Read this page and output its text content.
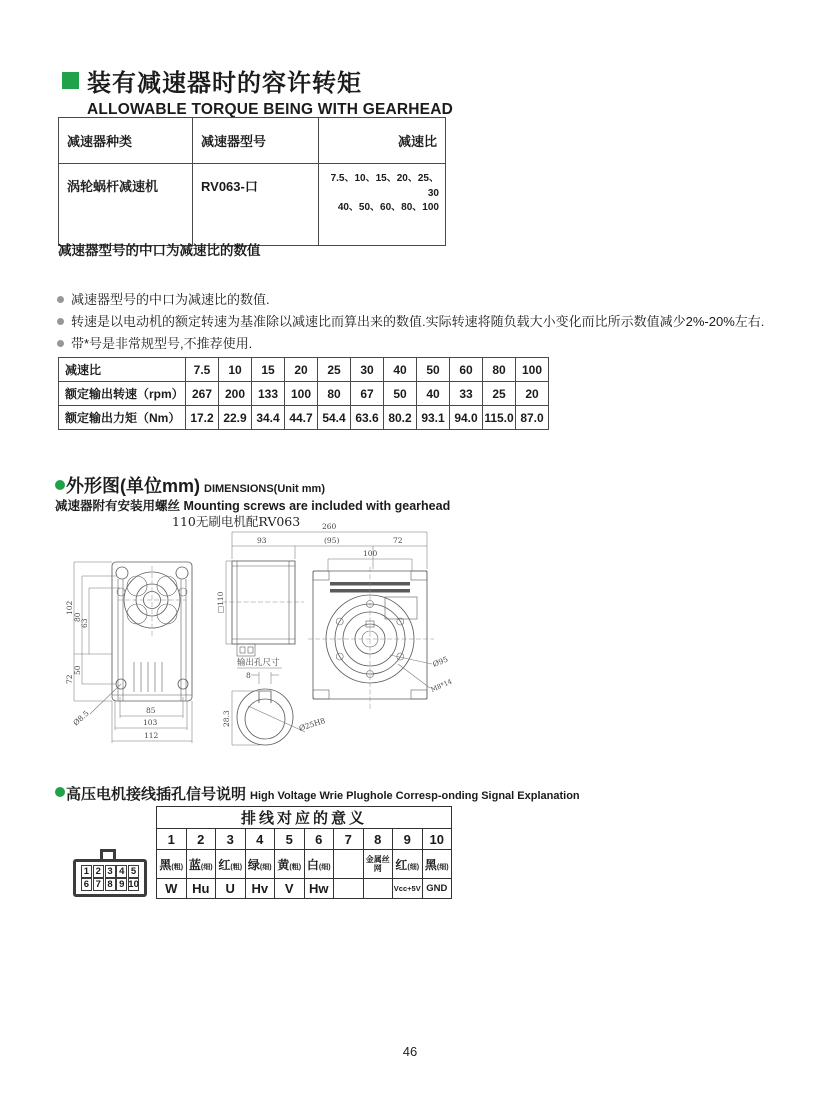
装有减速器时的容许转矩
ALLOWABLE TORQUE BEING WITH GEARHEAD
减速器种类	减速器型号	减速比
涡轮蜗杆减速机	RV063-口	7.5、10、15、20、25、30
40、50、60、80、100
减速器型号的中口为减速比的数值
减速器型号的中口为减速比的数值.
转速是以电动机的额定转速为基准除以减速比而算出来的数值.实际转速将随负载大小变化而比所示数值减少2%-20%左右.
带*号是非常规型号,不推荐使用.
减速比	7.5	10	15	20	25	30	40	50	60	80	100
额定输出转速（rpm）	267	200	133	100	80	67	50	40	33	25	20
额定输出力矩（Nm）	17.2	22.9	34.4	44.7	54.4	63.6	80.2	93.1	94.0	115.0	87.0
外形图(单位mm) DIMENSIONS(Unit mm)
减速器附有安装用螺丝 Mounting screws are included with gearhead
110无刷电机配RV063
102
80
63
50
72
85
103
112
Ø8.5
□110
260
93	(95)	72
100
Ø95
M8*14
输出孔尺寸
8
28.3	Ø25H8
高压电机接线插孔信号说明 High Voltage Wrie Plughole Corresp-onding Signal Explanation
1 2 3 4 5
6 7 8 9 10
排线对应的意义									
1	2	3	4	5	6	7	8	9	10
黑(粗)	蓝(细)	红(粗)	绿(细)	黄(粗)	白(细)		金属丝网	红(细)	黑(细)
W	Hu	U	Hv	V	Hw			Vcc+5V	GND
46
